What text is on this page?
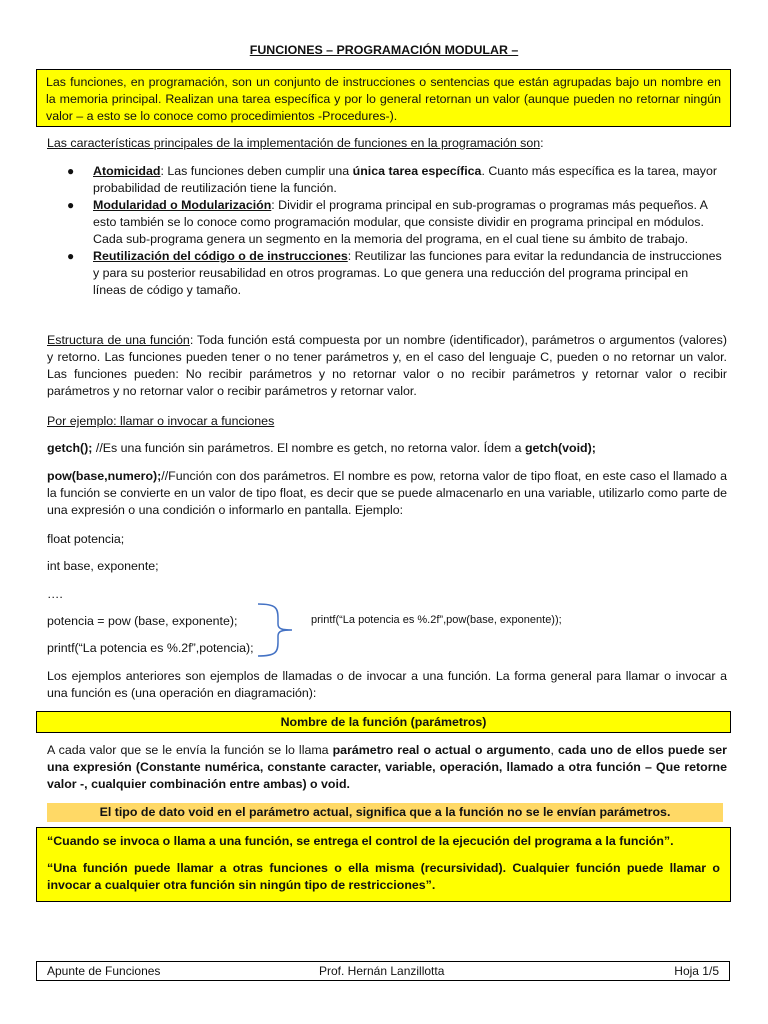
FUNCIONES – PROGRAMACIÓN MODULAR –
Las funciones, en programación, son un conjunto de instrucciones o sentencias que están agrupadas bajo un nombre en la memoria principal. Realizan una tarea específica y por lo general retornan un valor (aunque pueden no retornar ningún valor – a esto se lo conoce como procedimientos -Procedures-).
Las características principales de la implementación de funciones en la programación son:
● Atomicidad: Las funciones deben cumplir una única tarea específica. Cuanto más específica es la tarea, mayor probabilidad de reutilización tiene la función.
● Modularidad o Modularización: Dividir el programa principal en sub-programas o programas más pequeños. A esto también se lo conoce como programación modular, que consiste dividir en programa principal en módulos. Cada sub-programa genera un segmento en la memoria del programa, en el cual tiene su ámbito de trabajo.
● Reutilización del código o de instrucciones: Reutilizar las funciones para evitar la redundancia de instrucciones y para su posterior reusabilidad en otros programas. Lo que genera una reducción del programa principal en líneas de código y tamaño.
Estructura de una función: Toda función está compuesta por un nombre (identificador), parámetros o argumentos (valores) y retorno. Las funciones pueden tener o no tener parámetros y, en el caso del lenguaje C, pueden o no retornar un valor. Las funciones pueden: No recibir parámetros y no retornar valor o no recibir parámetros y retornar valor o recibir parámetros y no retornar valor o recibir parámetros y retornar valor.
Por ejemplo: llamar o invocar a funciones
getch(); //Es una función sin parámetros. El nombre es getch, no retorna valor. Ídem a getch(void);
pow(base,numero);//Función con dos parámetros. El nombre es pow, retorna valor de tipo float, en este caso el llamado a la función se convierte en un valor de tipo float, es decir que se puede almacenarlo en una variable, utilizarlo como parte de una expresión o una condición o informarlo en pantalla. Ejemplo:
float potencia;
int base, exponente;
….
potencia = pow (base, exponente);
printf(“La potencia es %.2f”,potencia);
printf(“La potencia es %.2f”,pow(base, exponente));
Los ejemplos anteriores son ejemplos de llamadas o de invocar a una función. La forma general para llamar o invocar a una función es (una operación en diagramación):
Nombre de la función (parámetros)
A cada valor que se le envía la función se lo llama parámetro real o actual o argumento, cada uno de ellos puede ser una expresión (Constante numérica, constante caracter, variable, operación, llamado a otra función – Que retorne valor -, cualquier combinación entre ambas) o void.
El tipo de dato void en el parámetro actual, significa que a la función no se le envían parámetros.

“Cuando se invoca o llama a una función, se entrega el control de la ejecución del programa a la función”.

“Una función puede llamar a otras funciones o ella misma (recursividad). Cualquier función puede llamar o invocar a cualquier otra función sin ningún tipo de restricciones”.

Apunte de Funciones	Prof. Hernán Lanzillotta	Hoja 1/5
